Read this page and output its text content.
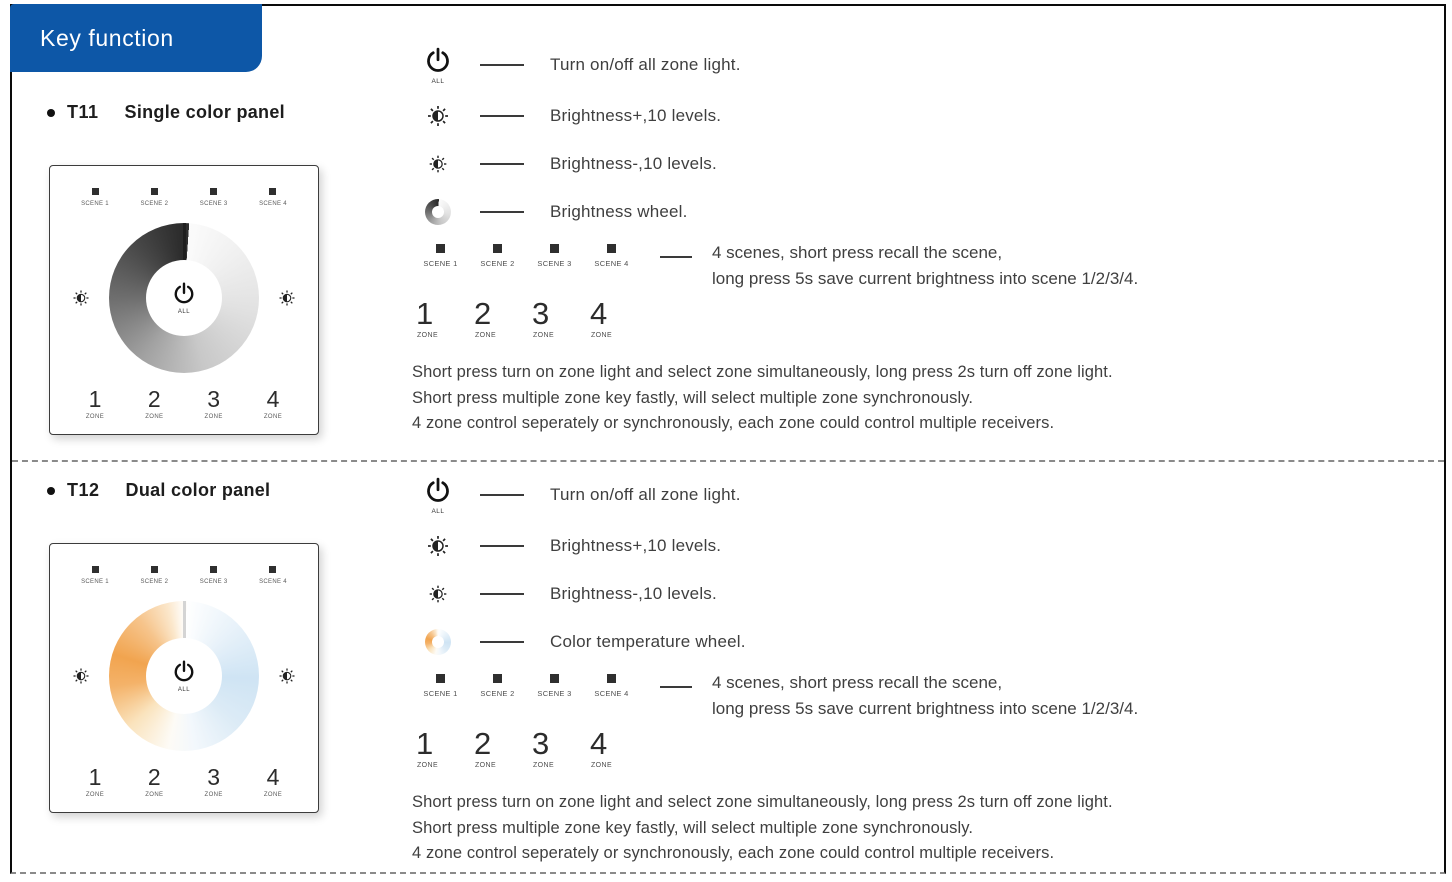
Key function
T11 Single color panel
SCENE 1	SCENE 2	SCENE 3	SCENE 4
ALL
1
ZONE
2
ZONE
3
ZONE
4
ZONE
ALL
Turn on/off all zone light.
Brightness+,10 levels.
Brightness-,10 levels.
Brightness wheel.
SCENE 1	SCENE 2	SCENE 3	SCENE 4
4 scenes, short press recall the scene,
long press 5s save current brightness into scene 1/2/3/4.
1
ZONE
2
ZONE
3
ZONE
4
ZONE
Short press turn on zone light and select zone simultaneously, long press 2s turn off zone light.
Short press multiple zone key fastly, will select multiple zone synchronously.
4 zone control seperately or synchronously, each zone could control multiple receivers.
T12 Dual color panel
SCENE 1	SCENE 2	SCENE 3	SCENE 4
ALL
1
ZONE
2
ZONE
3
ZONE
4
ZONE
ALL
Turn on/off all zone light.
Brightness+,10 levels.
Brightness-,10 levels.
Color temperature wheel.
SCENE 1	SCENE 2	SCENE 3	SCENE 4
4 scenes, short press recall the scene,
long press 5s save current brightness into scene 1/2/3/4.
1
ZONE
2
ZONE
3
ZONE
4
ZONE
Short press turn on zone light and select zone simultaneously, long press 2s turn off zone light.
Short press multiple zone key fastly, will select multiple zone synchronously.
4 zone control seperately or synchronously, each zone could control multiple receivers.
